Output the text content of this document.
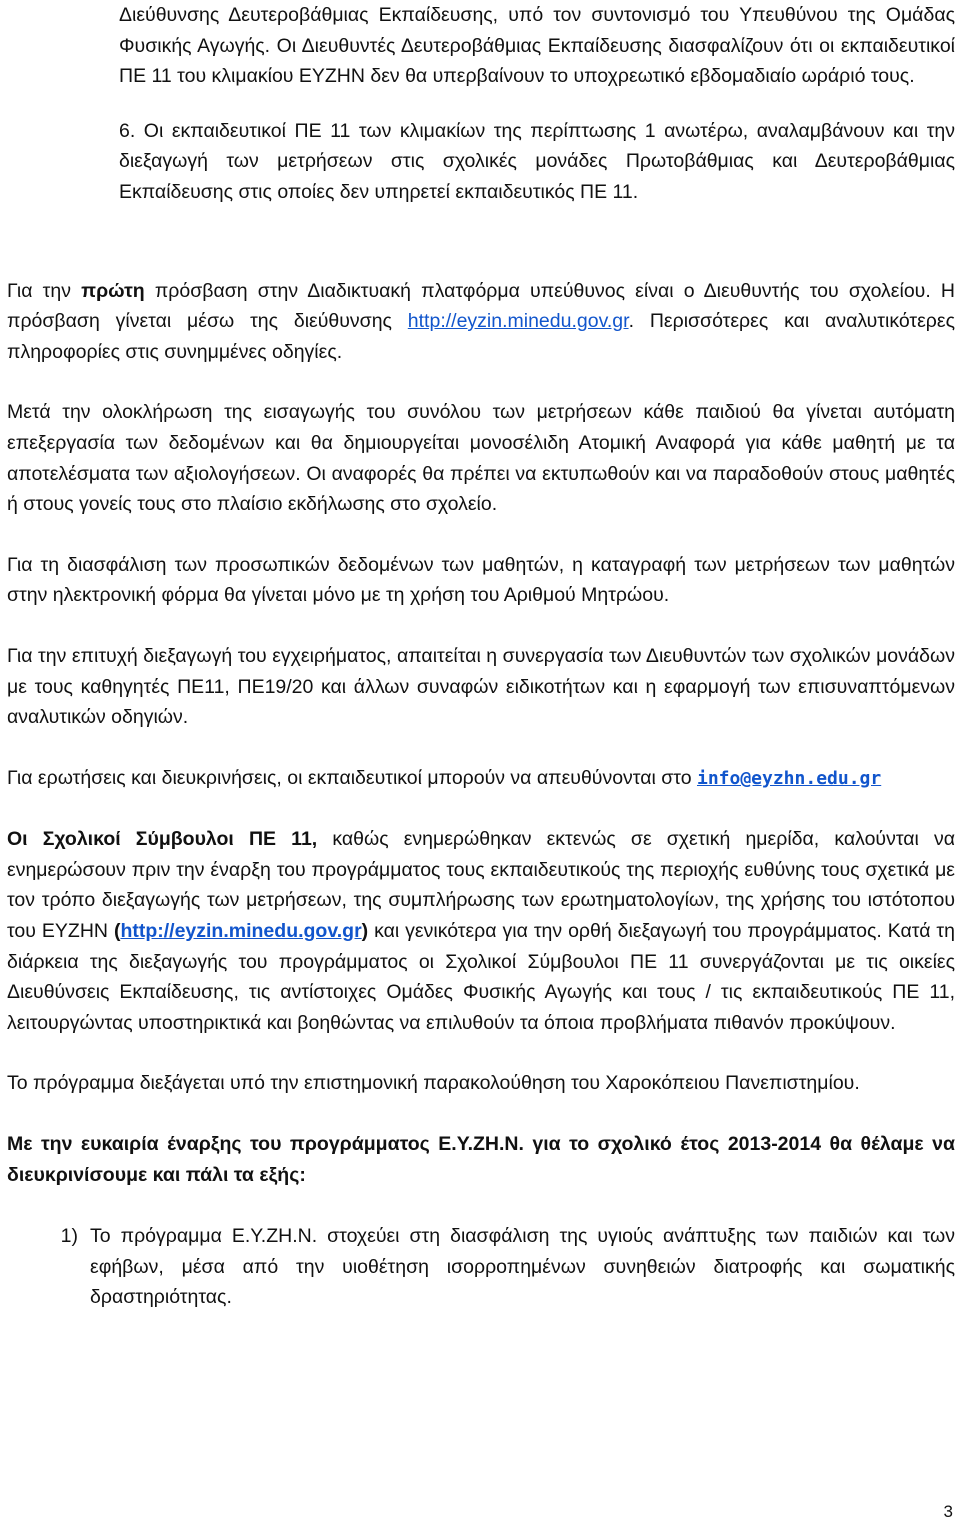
Διεύθυνσης Δευτεροβάθμιας Εκπαίδευσης, υπό τον συντονισμό του Υπευθύνου της Ομάδας Φυσικής Αγωγής. Οι Διευθυντές Δευτεροβάθμιας Εκπαίδευσης διασφαλίζουν ότι οι εκπαιδευτικοί ΠΕ 11 του κλιμακίου ΕΥΖΗΝ δεν θα υπερβαίνουν το υποχρεωτικό εβδομαδιαίο ωράριό τους.

6. Οι εκπαιδευτικοί ΠΕ 11 των κλιμακίων της περίπτωσης 1 ανωτέρω, αναλαμβάνουν και την διεξαγωγή των μετρήσεων στις σχολικές μονάδες Πρωτοβάθμιας και Δευτεροβάθμιας Εκπαίδευσης στις οποίες δεν υπηρετεί εκπαιδευτικός ΠΕ 11.

Για την πρώτη πρόσβαση στην Διαδικτυακή πλατφόρμα υπεύθυνος είναι ο Διευθυντής του σχολείου. Η πρόσβαση γίνεται μέσω της διεύθυνσης http://eyzin.minedu.gov.gr. Περισσότερες και αναλυτικότερες πληροφορίες στις συνημμένες οδηγίες.

Μετά την ολοκλήρωση της εισαγωγής του συνόλου των μετρήσεων κάθε παιδιού θα γίνεται αυτόματη επεξεργασία των δεδομένων και θα δημιουργείται μονοσέλιδη Ατομική Αναφορά για κάθε μαθητή με τα αποτελέσματα των αξιολογήσεων. Οι αναφορές θα πρέπει να εκτυπωθούν και να παραδοθούν στους μαθητές ή στους γονείς τους στο πλαίσιο εκδήλωσης στο σχολείο.

Για τη διασφάλιση των προσωπικών δεδομένων των μαθητών, η καταγραφή των μετρήσεων των μαθητών στην ηλεκτρονική φόρμα θα γίνεται μόνο με τη χρήση του Αριθμού Μητρώου.

Για την επιτυχή διεξαγωγή του εγχειρήματος, απαιτείται η συνεργασία των Διευθυντών των σχολικών μονάδων με τους καθηγητές ΠΕ11, ΠΕ19/20 και άλλων συναφών ειδικοτήτων και η εφαρμογή των επισυναπτόμενων αναλυτικών οδηγιών.

Για ερωτήσεις και διευκρινήσεις, οι εκπαιδευτικοί μπορούν να απευθύνονται στο info@eyzhn.edu.gr

Οι Σχολικοί Σύμβουλοι ΠΕ 11, καθώς ενημερώθηκαν εκτενώς σε σχετική ημερίδα, καλούνται να ενημερώσουν πριν την έναρξη του προγράμματος τους εκπαιδευτικούς της περιοχής ευθύνης τους σχετικά με τον τρόπο διεξαγωγής των μετρήσεων, της συμπλήρωσης των ερωτηματολογίων, της χρήσης του ιστότοπου του ΕΥΖΗΝ (http://eyzin.minedu.gov.gr) και γενικότερα για την ορθή διεξαγωγή του προγράμματος. Κατά τη διάρκεια της διεξαγωγής του προγράμματος οι Σχολικοί Σύμβουλοι ΠΕ 11 συνεργάζονται με τις οικείες Διευθύνσεις Εκπαίδευσης, τις αντίστοιχες Ομάδες Φυσικής Αγωγής και τους / τις εκπαιδευτικούς ΠΕ 11, λειτουργώντας υποστηρικτικά και βοηθώντας να επιλυθούν τα όποια προβλήματα πιθανόν προκύψουν.

Το πρόγραμμα διεξάγεται υπό την επιστημονική παρακολούθηση του Χαροκόπειου Πανεπιστημίου.

Με την ευκαιρία έναρξης του προγράμματος Ε.Υ.ΖΗ.Ν. για το σχολικό έτος 2013-2014 θα θέλαμε να διευκρινίσουμε και πάλι τα εξής:

1) Το πρόγραμμα Ε.Υ.ΖΗ.Ν. στοχεύει στη διασφάλιση της υγιούς ανάπτυξης των παιδιών και των εφήβων, μέσα από την υιοθέτηση ισορροπημένων συνηθειών διατροφής και σωματικής δραστηριότητας.

3
